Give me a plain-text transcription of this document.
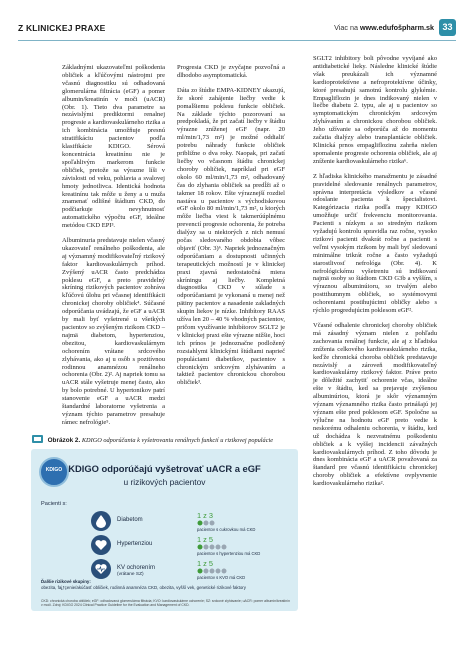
Z KLINICKEJ PRAXE	Viac na www.edufošpharm.sk 33

Základnými ukazovateľmi poškodenia obličiek a kľúčovými nástrojmi pre včasnú diagnostiku sú odhadovaná glomerulárna filtrácia (eGF) a pomer albumin/kreatinín v moči (uACR) (Obr. 1). Tieto dva parametre sa nezávislými prediktormi renalnej progresie a kardiovaskulárneho rizika a ich kombinácia umožňuje presnú stratifikáciu pacientov podľa klasifikácie KDIGO. Sérová koncentrácia kreatinínu nie je spoľahlivým markerom funkcie obličiek, pretože sa výrazne líši v závislosti od veku, pohlavia a svalovej hmoty jednotlivca. Identická hodnota kreatinínu tak môže u ženy a u muža znamenať odlišné štádium CKD, do podčiarkuje nevyhnutnosť automatického výpočtu eGF, ideálne metódou CKD EPI³.

Albuminuria predstavuje nielen včasný ukazovateľ renálneho poškodenia, ale aj významný modifikovateľný rizikový faktor kardiovaskulárnych príhod. Zvýšený uACR často predchádza poklesu eGF, a preto pravidelný skríning rizikových pacientov zohráva kľúčovú úlohu pri včasnej identifikácii chronickej choroby obličiek⁴. Súčasné odporúčania uvádzajú, že eGF a uACR by mali byť vyšetrené u všetkých pacientov so zvýšeným rizikom CKD – najmä diabetom, hypertenziou, obezitou, kardiovaskulárnym ochorením vrátane srdcového zlyhávania, ako aj u osôb s pozitívnou rodinnou anamnézou renálneho ochorenia (Obr. 2)². Aj napriek tomu sa uACR stále vyšetruje menej často, ako by bolo potrebné. U hypertonikov patrí stanovenie eGF a uACR medzi štandardné laboratorne vyšetrenia a význam týchto parametrov presahuje rámec nefrológie⁵.

Progresia CKD je zvyčajne pozvoľná a dlhodobo asymptomatická.

Dáta zo štúdie EMPA-KIDNEY ukazujú, že skoré zahájenie liečby vedie k pomalšiemu poklesu funkcie obličiek. Na základe týchto pozorovaní sa predpokladá, že pri začatí liečby v štádiu výrazne zníženej eGF (napr. 20 ml/min/1,73 m²) je možné oddialiť potrebu náhrady funkcie obličiek približne o dva roky. Naopak, pri začatí liečby vo včasnom štádiu chronickej choroby obličiek, napríklad pri eGF okolo 60 ml/min/1,73 m², odhadovaný čas do zlyhania obličiek sa predĺži až o takmer 18 rokov. Ešte výraznejší rozdiel nastáva u pacientov s východiskovou eGF okolo 80 ml/min/1,73 m², u ktorých môže liečba viest k takmerúúplnému prevencií progresie ochorenia, že potreba dialýzy sa u niektorých z nich nemusí počas sledovaného obdobia vôbec objaviť (Obr. 3)⁶. Napriek jednoznačným odporúčaniam a dostupnosti učinných terapeutických možností je v klinickej praxi zjavná nedostatočná miera skríningu aj liečby. Kompletná diagnostika CKD v súlade s odporúčaniami je vykonaná u menej než pätiny pacientov a nasadenie zakladných skupin liekov je nízke. Inhibítory RAAS užíva len 20 – 40 % vhodných pacientov, pričom využívanie inhibítorov SGLT2 je v klinickej praxi ešte výrazne nižšie, hoci ich prínos je jednoznačne podložený rozsiahlymi klinickými štúdiami naprieč populáciami diabetikov, pacientov s chronickým srdcovým zlyhávaním a taktiež pacientov chronickou chorobou obličiek³.

SGLT2 inhibitory boli pôvodne vyvíjané ako antidiabetické lieky. Následne klinické štúdie však preukázali ich významné kardioprotektívne a nefroprotektívne účinky, ktoré presahujú samotnú kontrolu glykémie. Empagliflozin je dnes indikovaný nielen v liečbe diabetu 2. typu, ale aj u pacientov so symptomatickým chronickým srdcovým zlyhávaním a chronickou chorobou obličiek. Jeho užívanie sa odporúča až do momentu začatia dialýzy alebo transplantácie obličiek. Klinická prnos empagliflozinu zahrňa nielen spomalenie progresie ochorenia obličiek, ale aj zníženie kardiovaskulárneho rizika⁶.

Z hľadiska klinického manažmentu je zásadné pravidelné sledovanie renálnych parametrov, správna interpretácia výsledkov a včasné odoslanie pacienta k špecialistovi. Kategórizacia rizika podľa mapy KDIGO umožňuje určiť frekvenciu monitorovania. Pacienti s nízkym a so stredným rizikom vyžadujú kontrolu spravidla raz ročne, vysoko rizikoví pacienti dvakrát ročne a pacienti s veľmi vysokým rizikom by mali byť sledovaní minimálne trikrát ročne a často vyžadujú starostlivosť nefrológa (Obr. 4). K nefrológickému vyšetreniu sú indikovaní najmä osoby so štádiom CKD G3b a vyšším, s výraznou albuminúioru, so trvalým alebo posttthumnym obličiek, so systémovymi ochoreniami postihujúcimi obličky alebo s rýchlo progredujúcim poklesom eGF².

Včasné odhalenie chronickej choroby obličiek má zásadný význam nielen z pohľadu zachovania renálnej funkcie, ale aj z hľadiska zníženia celkového kardiovaskulárneho rizika, keďže chronická choroba obličiek predstavuje nezávislý a zároveň modifikovateľný kardiovaskulárny rizikový faktor. Práve preto je dôležité zachytiť ochorenie včas, ideálne ešte v štádiu, ked sa prejavuje zvýšenou albuminúriou, ktorá je skôr významným význam významného rizika často prinášajú jej význam ešte pred poklesom eGF. Spoločne sa výlučne na hodnotu eGF preto vedie k neskorému odhaleniu ochorenia, v štádiu, ked už dochádza k nezvratnému poškodeniu obličiek a k vyššej incidencii závažných kardiovaskulárnych príhod. Z toho dôvodu je dnes kombinácia eGF a uACR považovaná za štandard pre včasnú identifikáciu chronickej choroby obličiek a efektívne ovplyvnenie kardiovaskulárneho rizika².

Obrázok 2. KDIGO odporúčania k vyšetrovaniu renálnych funkcií u rizikovej populácie
KDIGO KDIGO odporúčajú vyšetrovať uACR a eGF
u rizikových pacientov
Pacienti s:
Diabetom	1 z 3
pacientov s cukrovkou má CKD
Hypertenziou	1 z 5
pacientov s hypertenziou má CKD
KV ochorením
(vrátane SZ)
1 z 5
pacientov s KVO má CKD
Ďalšie rizikové skupiny:
obezita, fajƒçenie/akúčasť obličiek, rodinná anamnéza CKD, obezita, vyšší vek, genetické rizikové faktory
CKD: chronická choroba obličiek; eGF: odhadovaná glomerulárna filtrácia; KVO: kardiovaskulárne ochorenie; SZ: srdcové zlyhávanie; uACR: pomer albumin/kreatinín v moči. Zdroj: KDIGO 2024 Clinical Practice Guideline for the Evaluation and Management of CKD.
